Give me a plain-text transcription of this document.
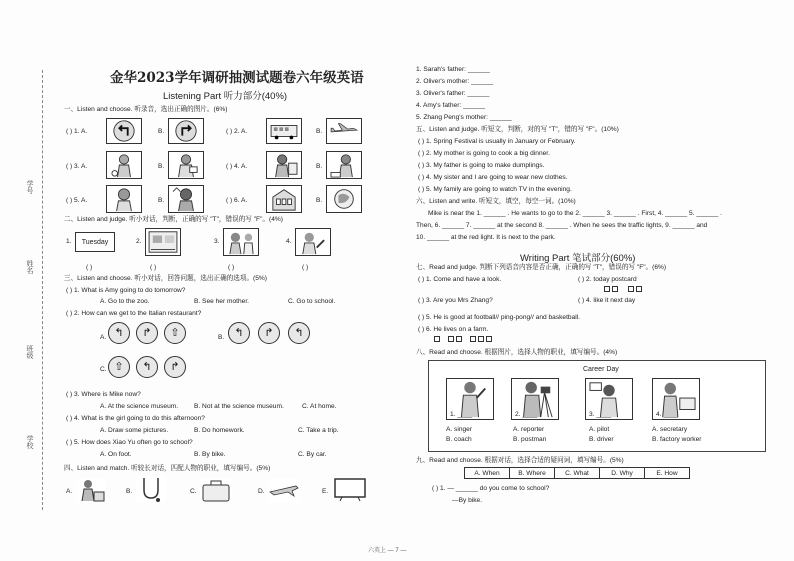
学号
姓名
班级
学校
金华2023学年调研抽测试题卷六年级英语
Listening Part 听力部分(40%)
一、Listen and choose. 听录音，选出正确的图片。(6%)
( ) 1. A.	B.	( ) 2. A.	B.
( ) 3. A.	B.	( ) 4. A.	B.
( ) 5. A.	B.	( ) 6. A.	B.
二、Listen and judge. 听小对话，判断，正确的写 "T"，错误的写 "F"。(4%)
1. Tuesday	2.	3.	4.
( )	( )	( )	( )
三、Listen and choose. 听小对话，回答问题，选出正确的选项。(5%)
( ) 1. What is Amy going to do tomorrow?
A. Go to the zoo.	B. See her mother.	C. Go to school.
( ) 2. How can we get to the Italian restaurant?
A. ↰ ↱ ⇧	B. ↰ ↱ ↰
C. ⇧ ↰ ↱
( ) 3. Where is Mike now?
A. At the science museum. B. Not at the science museum.	C. At home.
( ) 4. What is the girl going to do this afternoon?
A. Draw some pictures.	B. Do homework.	C. Take a trip.
( ) 5. How does Xiao Yu often go to school?
A. On foot.	B. By bike.	C. By car.
四、Listen and match. 听较长对话，匹配人物的职业，填写编号。(5%)
A.	B.	C.	D.	E.
1. Sarah's father: ______
2. Oliver's mother: ______
3. Oliver's father: ______
4. Amy's father: ______
5. Zhang Peng's mother: ______
五、Listen and judge. 听短文，判断，对的写 "T"，错的写 "F"。(10%)
( ) 1. Spring Festival is usually in January or February.
( ) 2. My mother is going to cook a big dinner.
( ) 3. My father is going to make dumplings.
( ) 4. My sister and I are going to wear new clothes.
( ) 5. My family are going to watch TV in the evening.
六、Listen and write. 听短文，填空，每空一词。(10%)
Mike is near the 1. ______ . He wants to go to the 2. ______ 3. ______ . First, 4. ______ 5. ______ .
Then, 6. ______ 7. ______ at the second 8. ______ . When he sees the traffic lights, 9. ______ and
10. ______ at the red light. It is next to the park.
Writing Part 笔试部分(60%)
七、Read and judge. 判断下列语音内容是否正确，正确的写 "T"，错误的写 "F"。(6%)
( ) 1. Come and have a look.	( ) 2. today postcard
( ) 3. Are you Mrs Zhang?	( ) 4. like it next day
( ) 5. He is good at football// ping-pong// and basketball.
( ) 6. He lives on a farm.
八、Read and choose. 根据图片，选择人物的职业，填写编号。(4%)
Career Day
1. ____	2. ____	3. ____	4. ____
A. singer
B. coach
A. reporter
B. postman
A. pilot
B. driver
A. secretary
B. factory worker
九、Read and choose. 根据对话，选择合适的疑问词，填写编号。(5%)
A. When	B. Where	C. What	D. Why	E. How
( ) 1. — ______ do you come to school?
—By bike.
六英上 — 7 —
